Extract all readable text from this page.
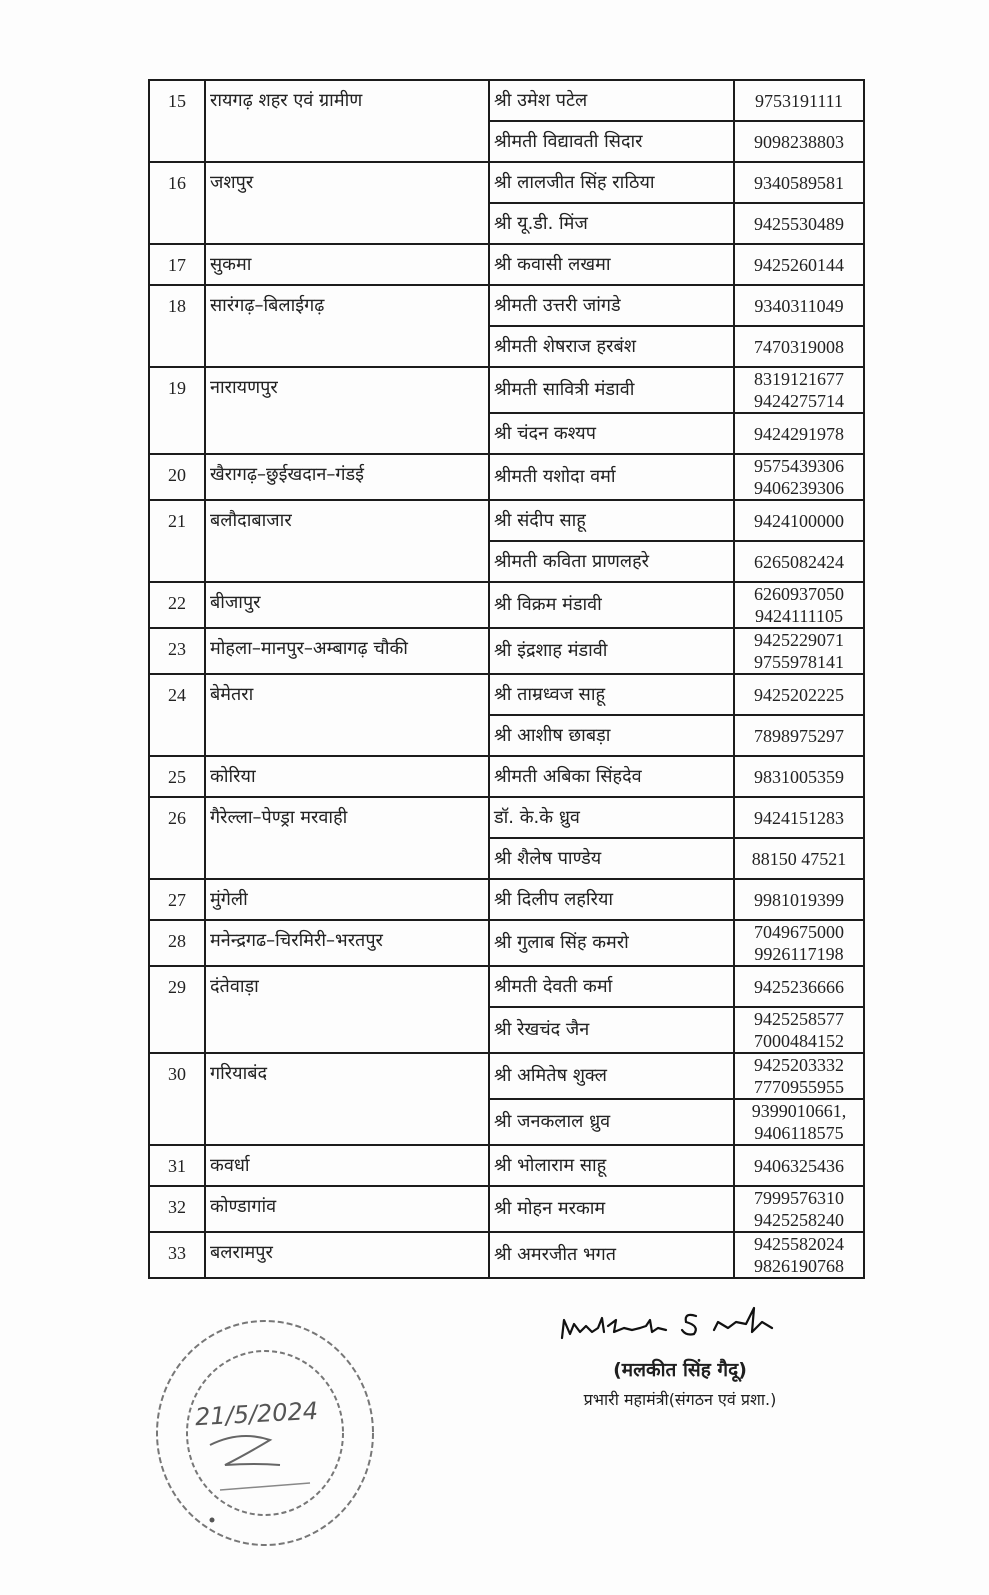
15	रायगढ़ शहर एवं ग्रामीण	श्री उमेश पटेल	9753191111

		श्रीमती विद्यावती सिदार	9098238803

16	जशपुर	श्री लालजीत सिंह राठिया	9340589581

		श्री यू.डी. मिंज	9425530489

17	सुकमा	श्री कवासी लखमा	9425260144

18	सारंगढ़–बिलाईगढ़	श्रीमती उत्तरी जांगडे	9340311049

		श्रीमती शेषराज हरबंश	7470319008

19	नारायणपुर	श्रीमती सावित्री मंडावी	8319121677
9424275714

		श्री चंदन कश्यप	9424291978

20	खैरागढ़–छुईखदान–गंडई	श्रीमती यशोदा वर्मा	9575439306
9406239306

21	बलौदाबाजार	श्री संदीप साहू	9424100000

		श्रीमती कविता प्राणलहरे	6265082424

22	बीजापुर	श्री विक्रम मंडावी	6260937050
9424111105

23	मोहला–मानपुर–अम्बागढ़ चौकी	श्री इंद्रशाह मंडावी	9425229071
9755978141

24	बेमेतरा	श्री ताम्रध्वज साहू	9425202225

		श्री आशीष छाबड़ा	7898975297

25	कोरिया	श्रीमती अबिका सिंहदेव	9831005359

26	गैरेल्ला–पेण्ड्रा मरवाही	डॉ. के.के ध्रुव	9424151283

		श्री शैलेष पाण्डेय	88150 47521

27	मुंगेली	श्री दिलीप लहरिया	9981019399

28	मनेन्द्रगढ–चिरमिरी–भरतपुर	श्री गुलाब सिंह कमरो	7049675000
9926117198

29	दंतेवाड़ा	श्रीमती देवती कर्मा	9425236666

		श्री रेखचंद जैन	9425258577
7000484152

30	गरियाबंद	श्री अमितेष शुक्ल	9425203332
7770955955

		श्री जनकलाल ध्रुव	9399010661,
9406118575

31	कवर्धा	श्री भोलाराम साहू	9406325436

32	कोण्डागांव	श्री मोहन मरकाम	7999576310
9425258240

33	बलरामपुर	श्री अमरजीत भगत	9425582024
9826190768
21/5/2024
(मलकीत सिंह गैदू)
प्रभारी महामंत्री(संगठन एवं प्रशा.)
